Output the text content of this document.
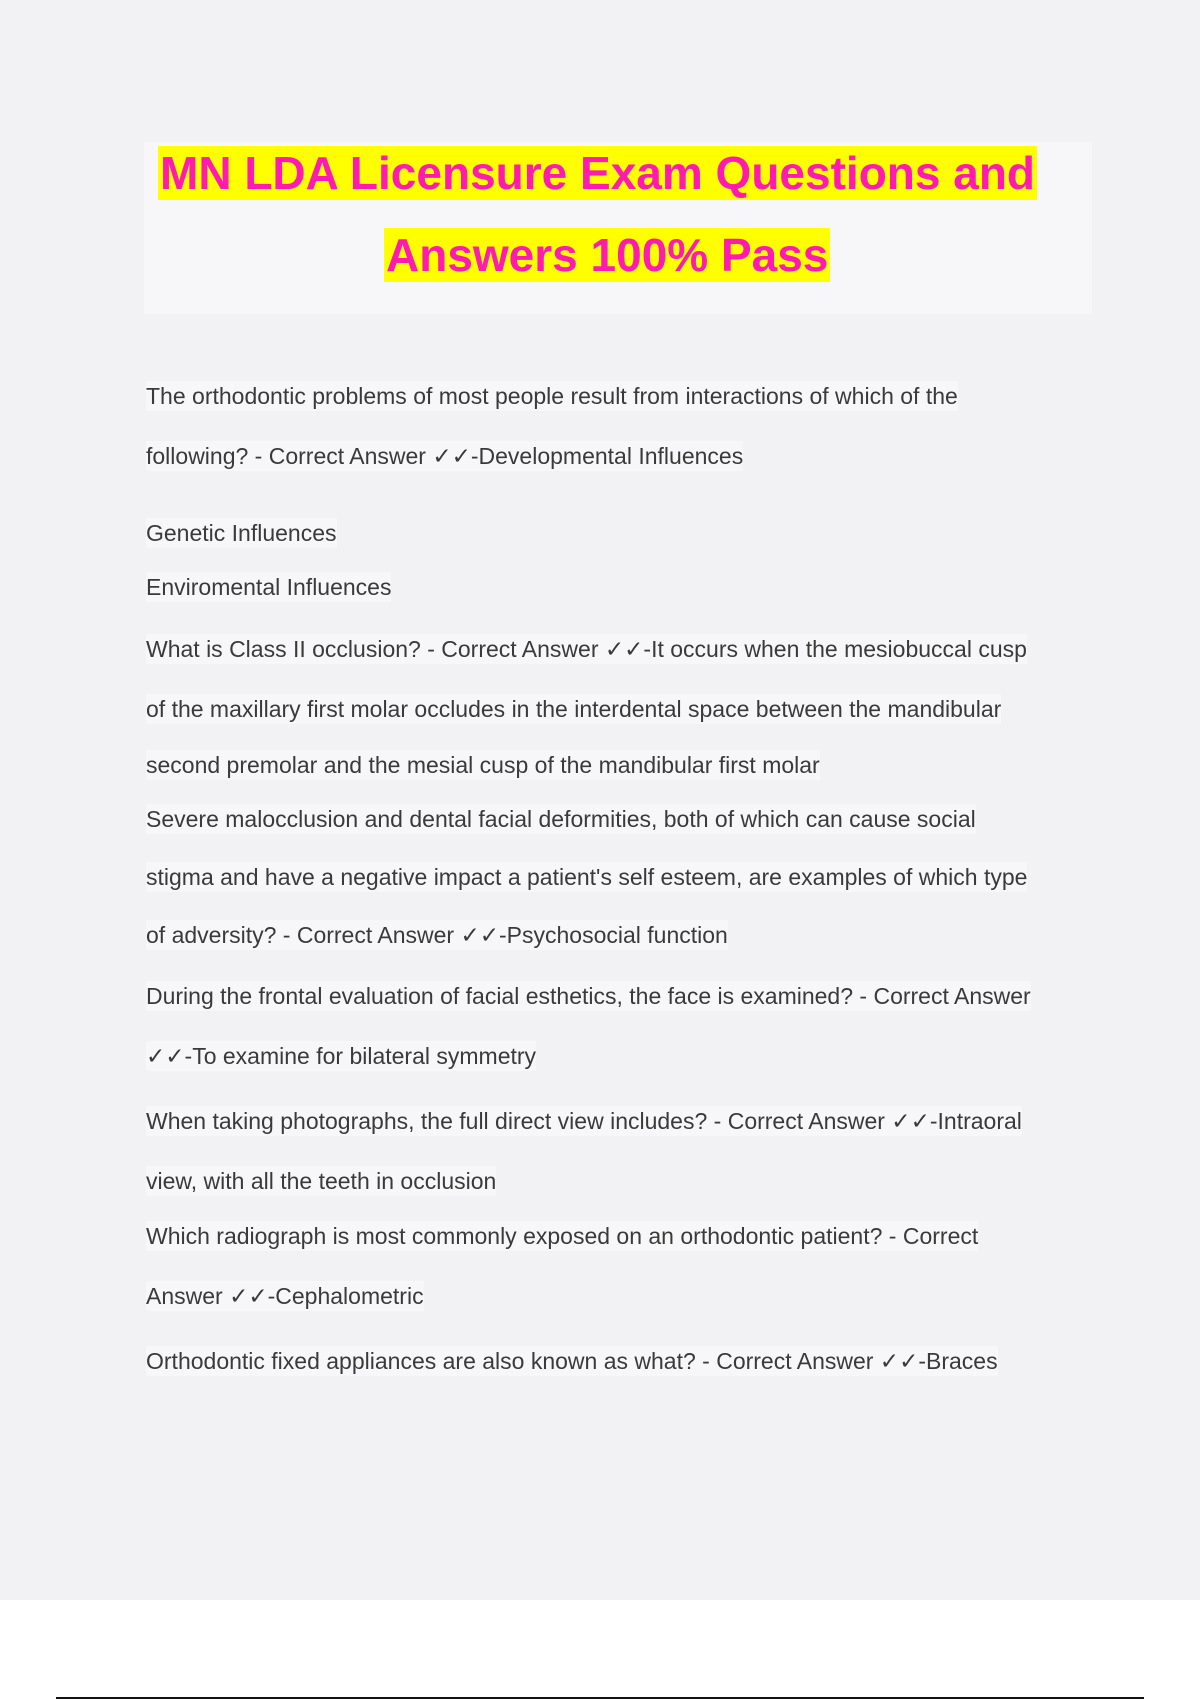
MN LDA Licensure Exam Questions and
Answers 100% Pass
The orthodontic problems of most people result from interactions of which of the
following? - Correct Answer ✓✓-Developmental Influences
Genetic Influences
Enviromental Influences
What is Class II occlusion? - Correct Answer ✓✓-It occurs when the mesiobuccal cusp
of the maxillary first molar occludes in the interdental space between the mandibular
second premolar and the mesial cusp of the mandibular first molar
Severe malocclusion and dental facial deformities, both of which can cause social
stigma and have a negative impact a patient's self esteem, are examples of which type
of adversity? - Correct Answer ✓✓-Psychosocial function
During the frontal evaluation of facial esthetics, the face is examined? - Correct Answer
✓✓-To examine for bilateral symmetry
When taking photographs, the full direct view includes? - Correct Answer ✓✓-Intraoral
view, with all the teeth in occlusion
Which radiograph is most commonly exposed on an orthodontic patient? - Correct
Answer ✓✓-Cephalometric
Orthodontic fixed appliances are also known as what? - Correct Answer ✓✓-Braces
